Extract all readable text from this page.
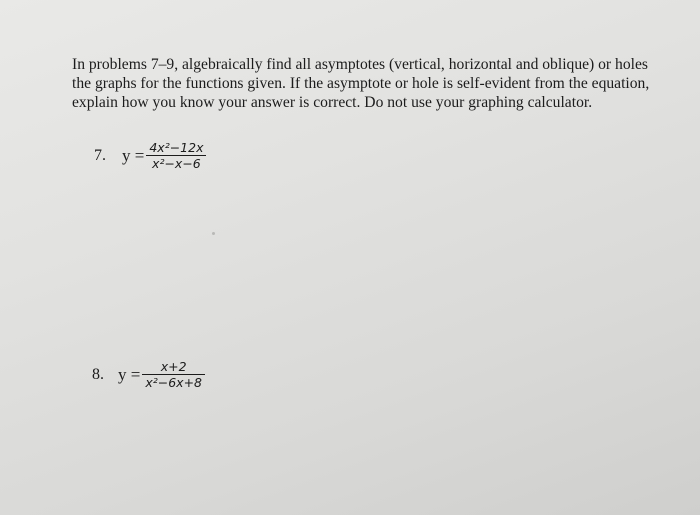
In problems 7–9, algebraically find all asymptotes (vertical, horizontal and oblique) or holes
the graphs for the functions given. If the asymptote or hole is self-evident from the equation,
explain how you know your answer is correct. Do not use your graphing calculator.

7. $y = \frac{\text{4x²−12x}}{\text{x²−x−6}}$
8. $y = \frac{x+2}{\text{x²−6x+8}}$
